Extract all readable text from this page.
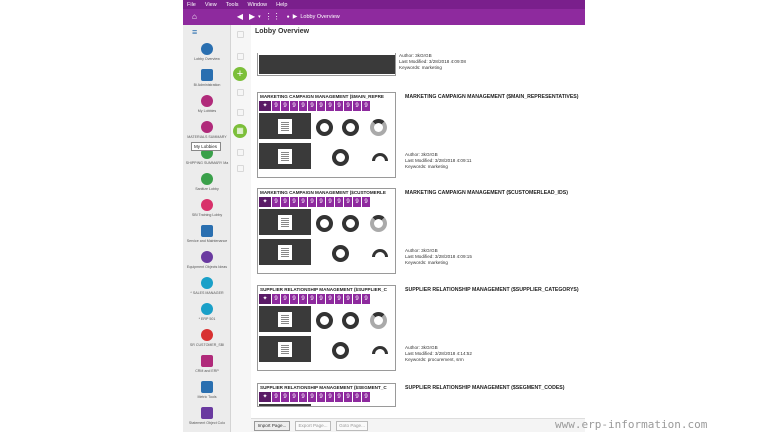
File View Tools Window Help
⌂	◀ ▶ ▾ ⋮⋮ ● ▶ Lobby Overview
≡
Lobby Overview
Bi Administration
My Lobbies
MATERIALS SUMMARY
SHIPPING SUMMARY Ma
Sanitize Lobby
SBI Training Lobby
Service and Maintenance
Equipment Objects Ideas
* SALES MANAGER
* ERP 501
SR CUSTOMER_SBI
CRM and ERP
Metric Tools
Statement Object Colo
My Lobbies
+
▦
Lobby Overview
Author: 3kGrGB
Last Modified: 3/28/2018 4:09:08
Keywords: marketing
MARKETING CAMPAIGN MANAGEMENT ($MAIN_REPRE
✦	9 9 9 9 9 9 9 9 9 9 9
MARKETING CAMPAIGN MANAGEMENT ($MAIN_REPRESENTATIVES)
Author: 3kGrGB
Last Modified: 3/28/2018 4:09:11
Keywords: marketing
MARKETING CAMPAIGN MANAGEMENT ($CUSTOMERLE
✦	9 9 9 9 9 9 9 9 9 9 9
MARKETING CAMPAIGN MANAGEMENT ($CUSTOMERLEAD_IDS)
Author: 3kGrGB
Last Modified: 3/28/2018 4:09:15
Keywords: marketing
SUPPLIER RELATIONSHIP MANAGEMENT ($SUPPLIER_C
✦	9 9 9 9 9 9 9 9 9 9 9
SUPPLIER RELATIONSHIP MANAGEMENT ($SUPPLIER_CATEGORYS)
Author: 3kGrGB
Last Modified: 3/28/2018 4:14:52
Keywords: procurement, srm
SUPPLIER RELATIONSHIP MANAGEMENT ($SEGMENT_C
✦	9 9 9 9 9 9 9 9 9 9 9
SUPPLIER RELATIONSHIP MANAGEMENT ($SEGMENT_CODES)
Import Page...	Export Page...	Goto Page...	www.erp-information.com
